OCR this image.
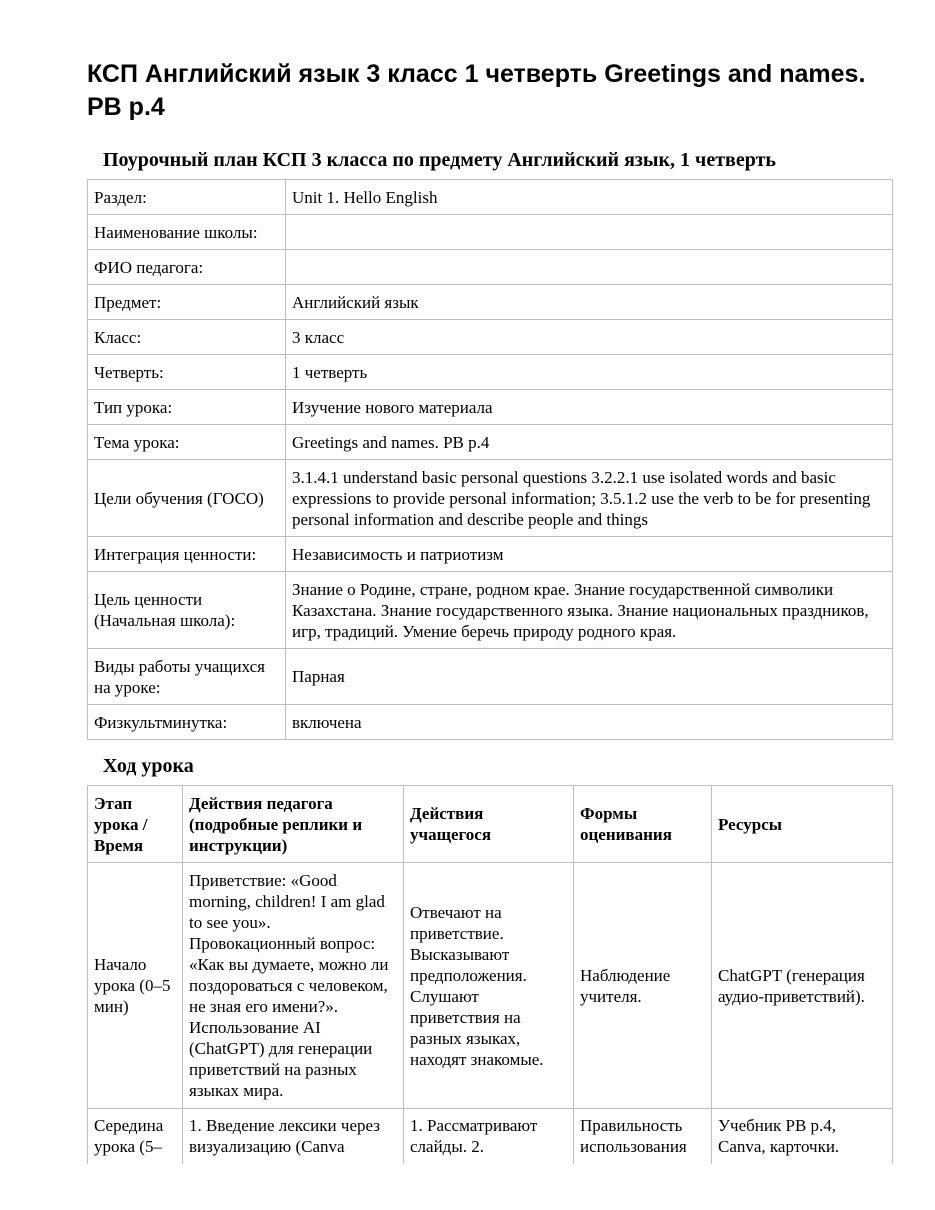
КСП Английский язык 3 класс 1 четверть Greetings and names. PB p.4

Поурочный план КСП 3 класса по предмету Английский язык, 1 четверть

Раздел:	Unit 1. Hello English
Наименование школы:	
ФИО педагога:	
Предмет:	Английский язык
Класс:	3 класс
Четверть:	1 четверть
Тип урока:	Изучение нового материала
Тема урока:	Greetings and names. PB p.4
Цели обучения (ГОСО)	3.1.4.1 understand basic personal questions 3.2.2.1 use isolated words and basic expressions to provide personal information; 3.5.1.2 use the verb to be for presenting personal information and describe people and things
Интеграция ценности:	Независимость и патриотизм
Цель ценности (Начальная школа):	Знание о Родине, стране, родном крае. Знание государственной символики Казахстана. Знание государственного языка. Знание национальных праздников, игр, традиций. Умение беречь природу родного края.
Виды работы учащихся на уроке:	Парная
Физкультминутка:	включена

Ход урока

Этап урока / Время	Действия педагога (подробные реплики и инструкции)	Действия учащегося	Формы оценивания	Ресурсы
Начало урока (0–5 мин)	Приветствие: «Good morning, children! I am glad to see you». Провокационный вопрос: «Как вы думаете, можно ли поздороваться с человеком, не зная его имени?». Использование AI (ChatGPT) для генерации приветствий на разных языках мира.	Отвечают на приветствие. Высказывают предположения. Слушают приветствия на разных языках, находят знакомые.	Наблюдение учителя.	ChatGPT (генерация аудио-приветствий).
Середина урока (5–	1. Введение лексики через визуализацию (Canva	1. Рассматривают слайды. 2.	Правильность использования	Учебник PB p.4, Canva, карточки.
